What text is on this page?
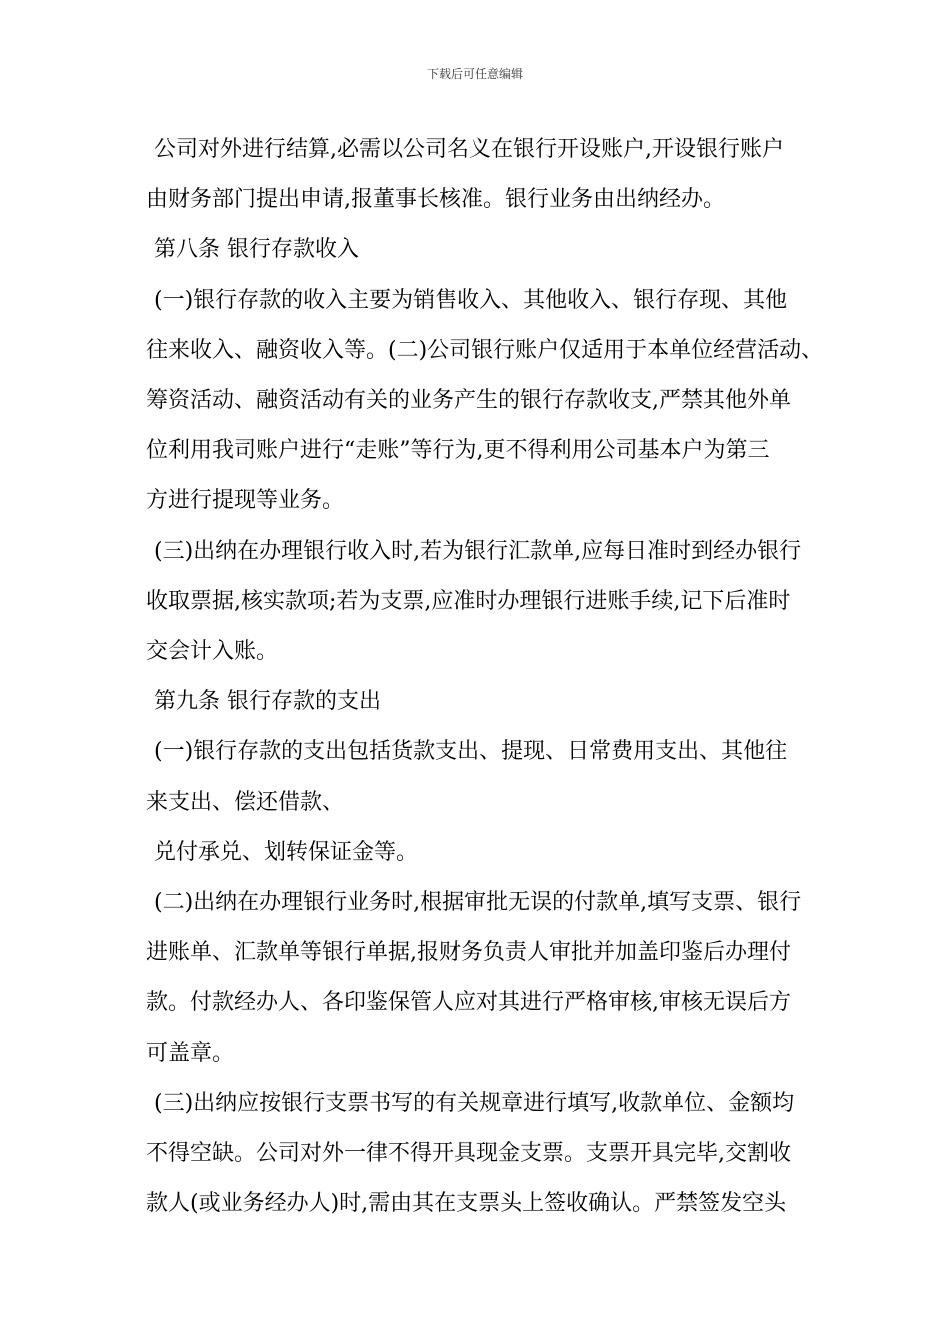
下载后可任意编辑
公司对外进行结算,必需以公司名义在银行开设账户,开设银行账户
由财务部门提出申请,报董事长核准。银行业务由出纳经办。
第八条 银行存款收入
(一)银行存款的收入主要为销售收入、其他收入、银行存现、其他
往来收入、融资收入等。(二)公司银行账户仅适用于本单位经营活动、
筹资活动、融资活动有关的业务产生的银行存款收支,严禁其他外单
位利用我司账户进行“走账”等行为,更不得利用公司基本户为第三
方进行提现等业务。
(三)出纳在办理银行收入时,若为银行汇款单,应每日准时到经办银行
收取票据,核实款项;若为支票,应准时办理银行进账手续,记下后准时
交会计入账。
第九条 银行存款的支出
(一)银行存款的支出包括货款支出、提现、日常费用支出、其他往
来支出、偿还借款、
兑付承兑、划转保证金等。
(二)出纳在办理银行业务时,根据审批无误的付款单,填写支票、银行
进账单、汇款单等银行单据,报财务负责人审批并加盖印鉴后办理付
款。付款经办人、各印鉴保管人应对其进行严格审核,审核无误后方
可盖章。
(三)出纳应按银行支票书写的有关规章进行填写,收款单位、金额均
不得空缺。公司对外一律不得开具现金支票。支票开具完毕,交割收
款人(或业务经办人)时,需由其在支票头上签收确认。严禁签发空头
